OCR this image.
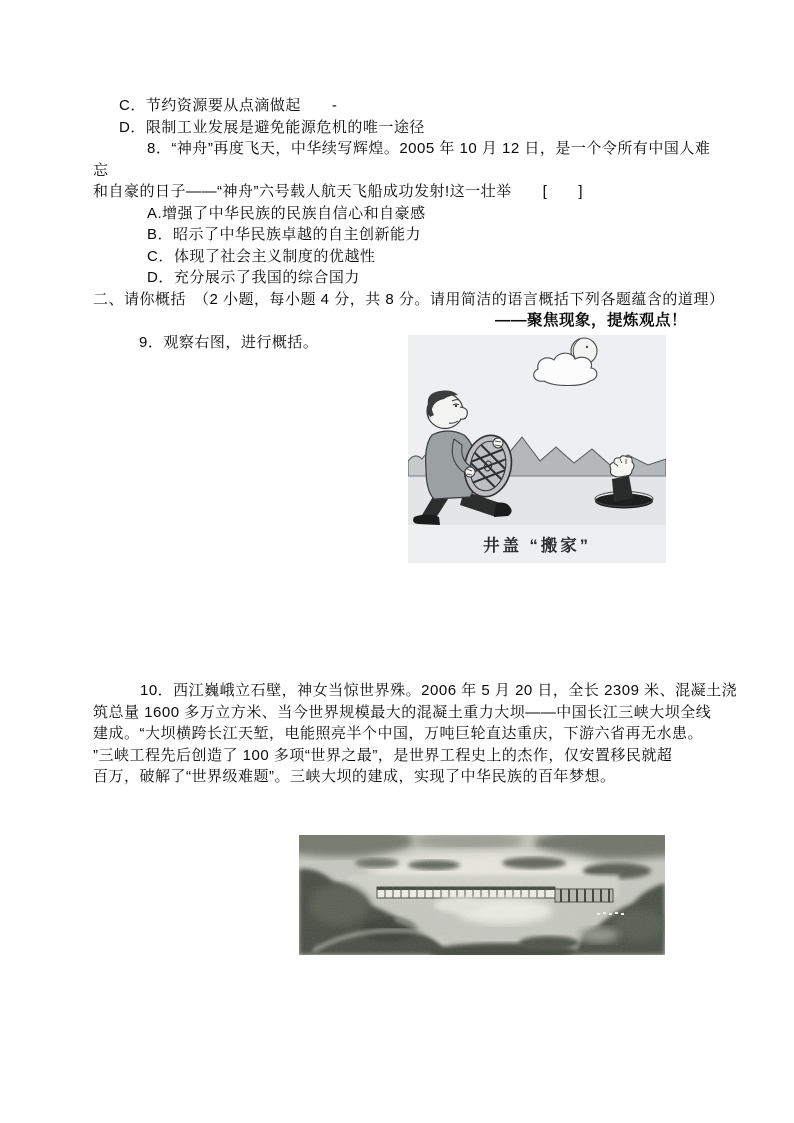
C．节约资源要从点滴做起　　-
D．限制工业发展是避免能源危机的唯一途径
8．“神舟”再度飞天，中华续写辉煌。2005 年 10 月 12 日，是一个令所有中国人难
忘
和自豪的日子——“神舟”六号载人航天飞船成功发射!这一壮举　　[　　]
A.增强了中华民族的民族自信心和自豪感
B．昭示了中华民族卓越的自主创新能力
C．体现了社会主义制度的优越性
D．充分展示了我国的综合国力
二、请你概括　（2 小题，每小题 4 分，共 8 分。请用简洁的语言概括下列各题蕴含的道理）
——聚焦现象，提炼观点！
9．观察右图，进行概括。
井盖 “搬家”
10．西江巍峨立石壁，神女当惊世界殊。2006 年 5 月 20 日，全长 2309 米、混凝土浇
筑总量 1600 多万立方米、当今世界规模最大的混凝土重力大坝——中国长江三峡大坝全线
建成。“大坝横跨长江天堑，电能照亮半个中国，万吨巨轮直达重庆，下游六省再无水患。
”三峡工程先后创造了 100 多项“世界之最”，是世界工程史上的杰作，仅安置移民就超
百万，破解了“世界级难题”。三峡大坝的建成，实现了中华民族的百年梦想。
